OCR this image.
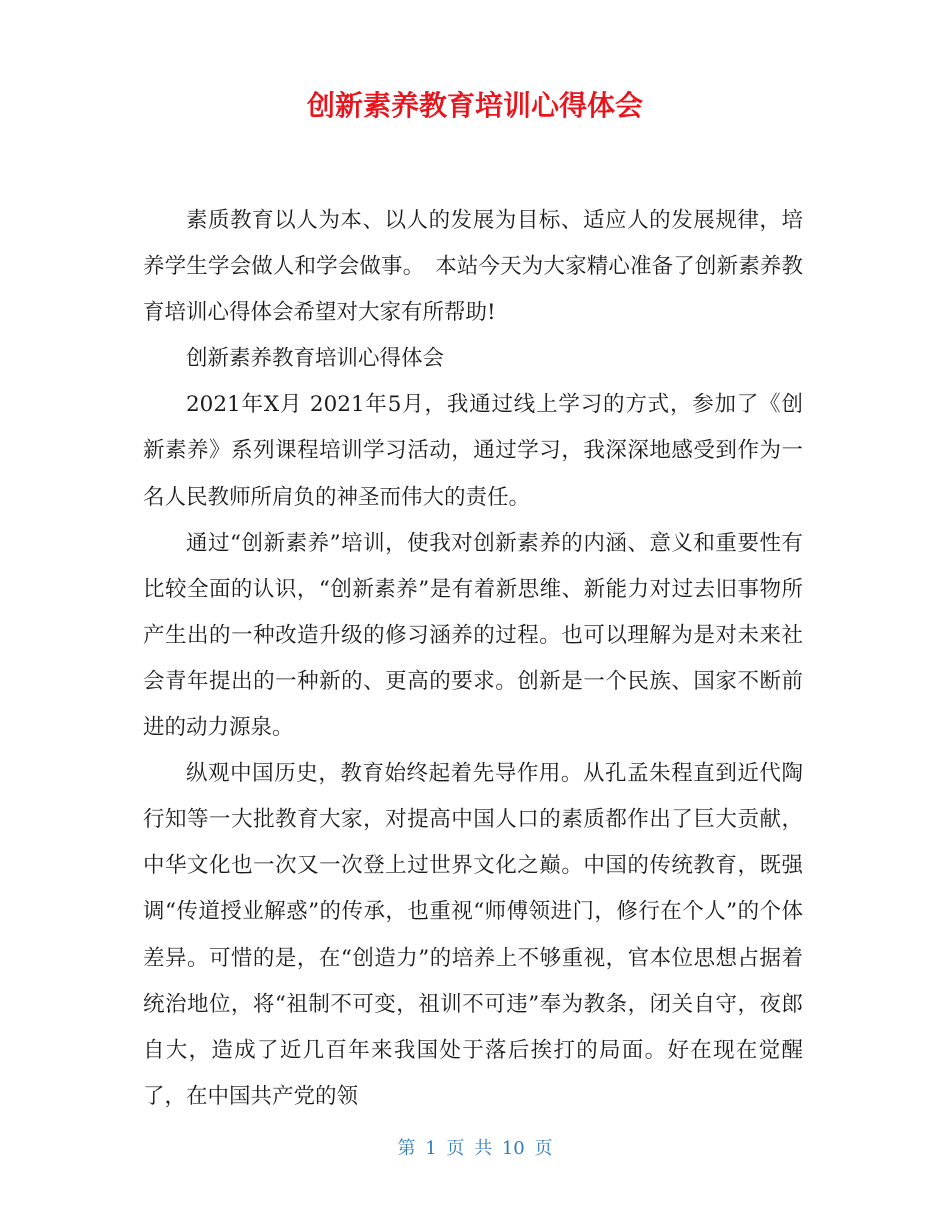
创新素养教育培训心得体会

素质教育以人为本、以人的发展为目标、适应人的发展规律，培养学生学会做人和学会做事。　本站今天为大家精心准备了创新素养教育培训心得体会希望对大家有所帮助!

创新素养教育培训心得体会

2021年X月 2021年5月，我通过线上学习的方式，参加了《创新素养》系列课程培训学习活动，通过学习，我深深地感受到作为一名人民教师所肩负的神圣而伟大的责任。

通过“创新素养”培训，使我对创新素养的内涵、意义和重要性有比较全面的认识，“创新素养”是有着新思维、新能力对过去旧事物所产生出的一种改造升级的修习涵养的过程。也可以理解为是对未来社会青年提出的一种新的、更高的要求。创新是一个民族、国家不断前进的动力源泉。

纵观中国历史，教育始终起着先导作用。从孔孟朱程直到近代陶行知等一大批教育大家，对提高中国人口的素质都作出了巨大贡献，中华文化也一次又一次登上过世界文化之巅。中国的传统教育，既强调“传道授业解惑”的传承，也重视“师傅领进门，修行在个人”的个体差异。可惜的是，在“创造力”的培养上不够重视，官本位思想占据着统治地位，将“祖制不可变，祖训不可违”奉为教条，闭关自守，夜郎自大，造成了近几百年来我国处于落后挨打的局面。好在现在觉醒了，在中国共产党的领

第 1 页 共 10 页
